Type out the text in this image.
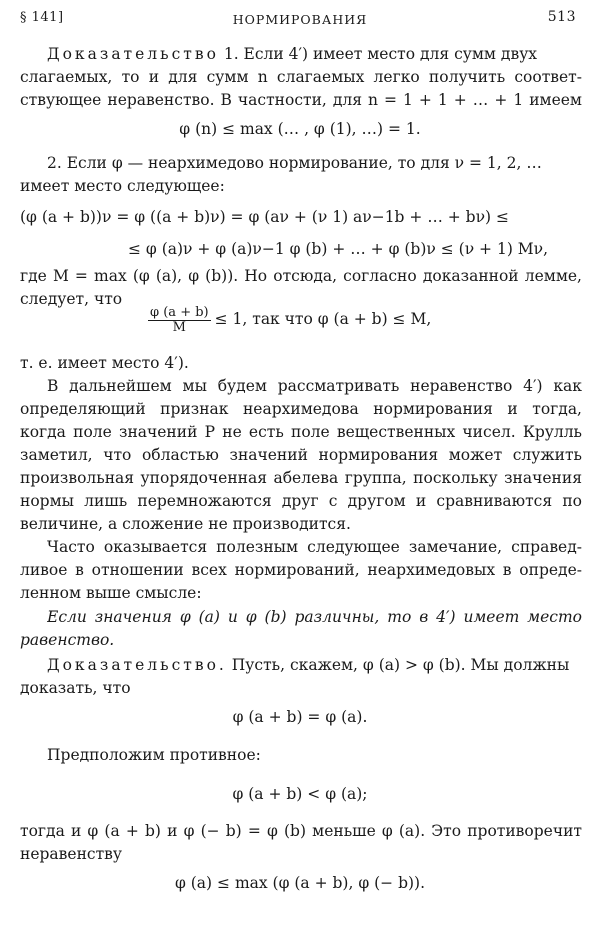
§ 141]	НОРМИРОВАНИЯ	513
Доказательство 1. Если 4′) имеет место для сумм двух
слагаемых, то и для сумм n слагаемых легко получить соответ-
ствующее неравенство. В частности, для n = 1 + 1 + … + 1 имеем
φ (n) ≤ max (… , φ (1), …) = 1.
2. Если φ — неархимедово нормирование, то для ν = 1, 2, …
имеет место следующее:
(φ (a + b))ν = φ ((a + b)ν) = φ (aν + (ν 1) aν−1b + … + bν) ≤
≤ φ (a)ν + φ (a)ν−1 φ (b) + … + φ (b)ν ≤ (ν + 1) Mν,
где M = max (φ (a), φ (b)). Но отсюда, согласно доказанной лемме,
следует, что
$\frac{\varphi (a + b)}{M} \le 1$, так что φ (a + b) ≤ M,
т. е. имеет место 4′).
В дальнейшем мы будем рассматривать неравенство 4′) как
определяющий признак неархимедова нормирования и тогда,
когда поле значений P не есть поле вещественных чисел. Крулль
заметил, что областью значений нормирования может служить
произвольная упорядоченная абелева группа, поскольку значения
нормы лишь перемножаются друг с другом и сравниваются по
величине, а сложение не производится.
Часто оказывается полезным следующее замечание, справед-
ливое в отношении всех нормирований, неархимедовых в опреде-
ленном выше смысле:
Если значения φ (a) и φ (b) различны, то в 4′) имеет место
равенство.
Доказательство. Пусть, скажем, φ (a) > φ (b). Мы должны
доказать, что
φ (a + b) = φ (a).
Предположим противное:
φ (a + b) < φ (a);
тогда и φ (a + b) и φ (− b) = φ (b) меньше φ (a). Это противоречит
неравенству
φ (a) ≤ max (φ (a + b), φ (− b)).
